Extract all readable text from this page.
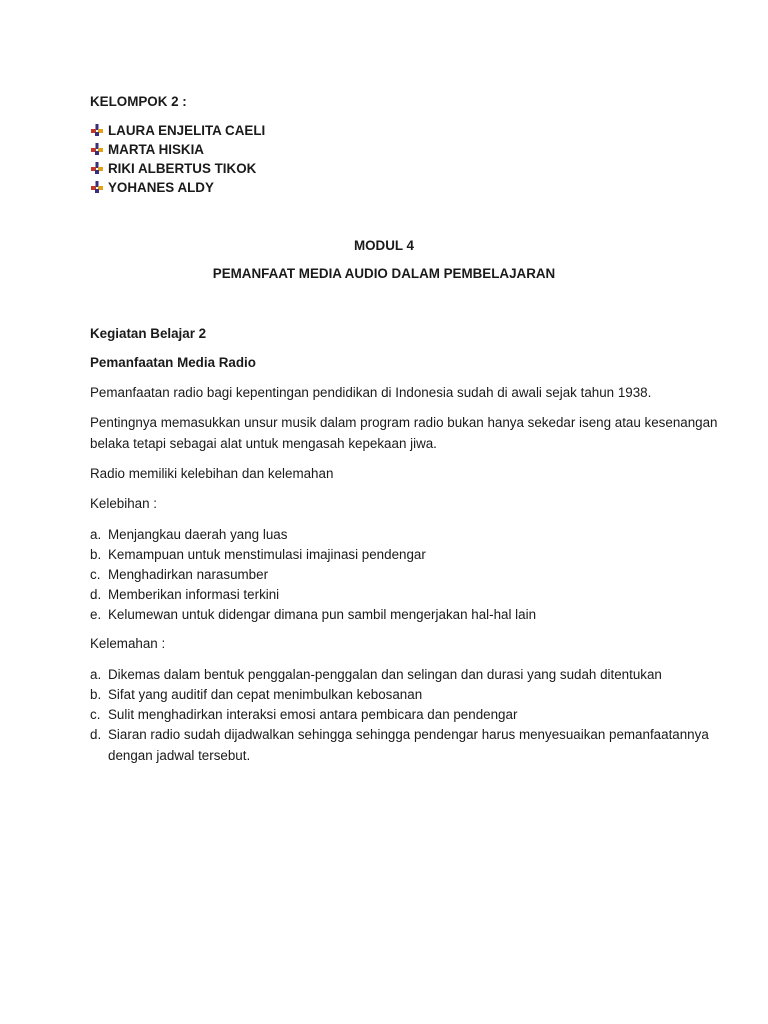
KELOMPOK 2 :

LAURA ENJELITA CAELI
MARTA HISKIA
RIKI ALBERTUS TIKOK
YOHANES ALDY

MODUL 4

PEMANFAAT MEDIA AUDIO DALAM PEMBELAJARAN

Kegiatan Belajar 2

Pemanfaatan Media Radio

Pemanfaatan radio bagi kepentingan pendidikan di Indonesia sudah di awali sejak tahun 1938.

Pentingnya memasukkan unsur musik dalam program radio bukan hanya sekedar iseng atau kesenangan

belaka tetapi sebagai alat untuk mengasah kepekaan jiwa.

Radio memiliki kelebihan dan kelemahan

Kelebihan :

a. Menjangkau daerah yang luas

b. Kemampuan untuk menstimulasi imajinasi pendengar

c. Menghadirkan narasumber

d. Memberikan informasi terkini

e. Kelumewan untuk didengar dimana pun sambil mengerjakan hal-hal lain

Kelemahan :

a. Dikemas dalam bentuk penggalan-penggalan dan selingan dan durasi yang sudah ditentukan

b. Sifat yang auditif dan cepat menimbulkan kebosanan

c. Sulit menghadirkan interaksi emosi antara pembicara dan pendengar

d. Siaran radio sudah dijadwalkan sehingga sehingga pendengar harus menyesuaikan pemanfaatannya

dengan jadwal tersebut.
